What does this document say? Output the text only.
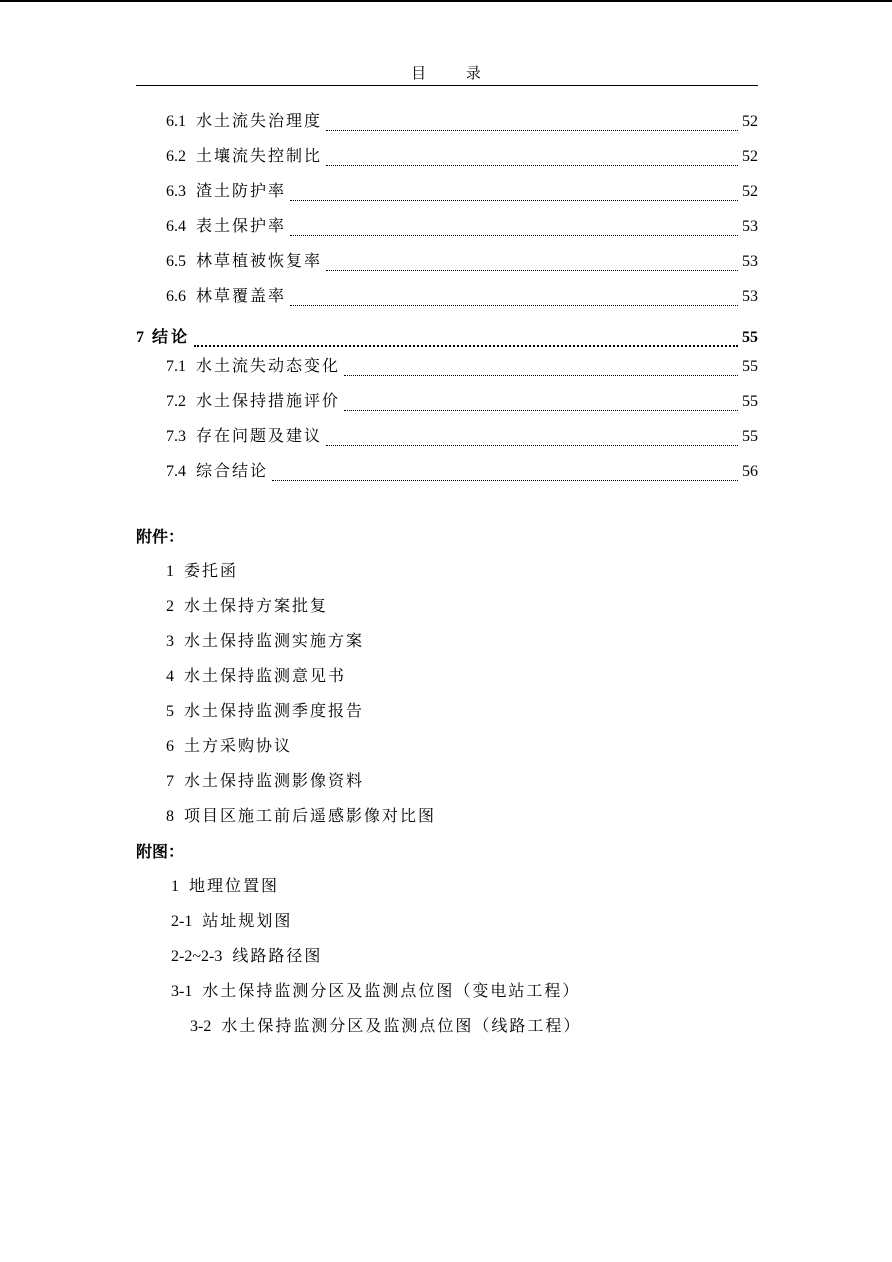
目 录
6.1 水土流失治理度	52
6.2 土壤流失控制比	52
6.3 渣土防护率	52
6.4 表土保护率	53
6.5 林草植被恢复率	53
6.6 林草覆盖率	53
7 结论	55
7.1 水土流失动态变化	55
7.2 水土保持措施评价	55
7.3 存在问题及建议	55
7.4 综合结论	56
附件：
1 委托函
2 水土保持方案批复
3 水土保持监测实施方案
4 水土保持监测意见书
5 水土保持监测季度报告
6 土方采购协议
7 水土保持监测影像资料
8 项目区施工前后遥感影像对比图
附图：
1 地理位置图
2-1 站址规划图
2-2~2-3 线路路径图
3-1 水土保持监测分区及监测点位图（变电站工程）
3-2 水土保持监测分区及监测点位图（线路工程）
